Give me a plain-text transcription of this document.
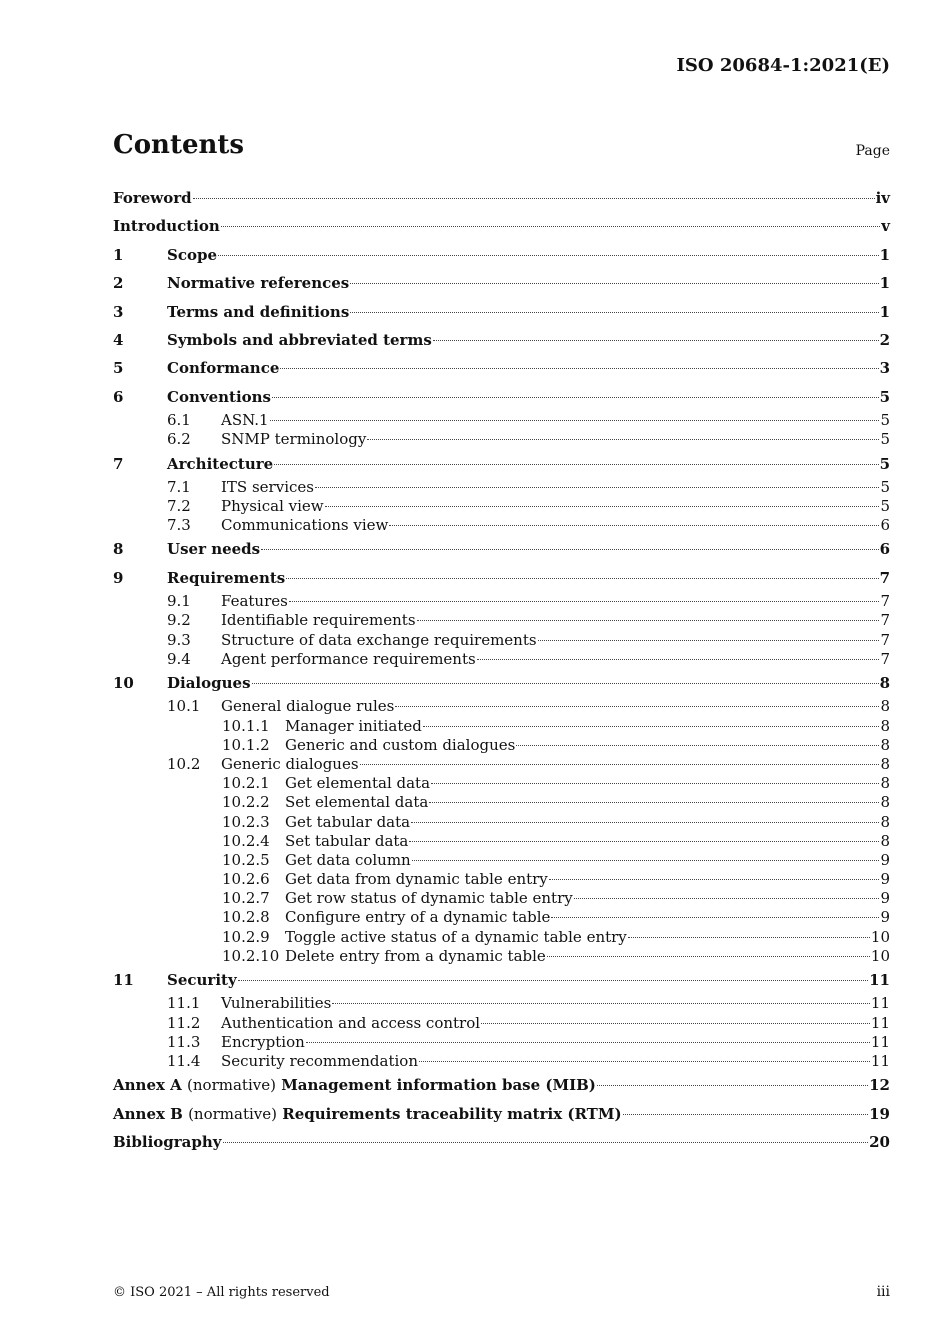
ISO 20684-1:2021(E)
Contents	Page
Foreword	iv
Introduction	v
1	Scope	1
2	Normative references	1
3	Terms and definitions	1
4	Symbols and abbreviated terms	2
5	Conformance	3
6	Conventions	5
6.1	ASN.1	5
6.2	SNMP terminology	5
7	Architecture	5
7.1	ITS services	5
7.2	Physical view	5
7.3	Communications view	6
8	User needs	6
9	Requirements	7
9.1	Features	7
9.2	Identifiable requirements	7
9.3	Structure of data exchange requirements	7
9.4	Agent performance requirements	7
10	Dialogues	8
10.1	General dialogue rules	8
10.1.1	Manager initiated	8
10.1.2	Generic and custom dialogues	8
10.2	Generic dialogues	8
10.2.1	Get elemental data	8
10.2.2	Set elemental data	8
10.2.3	Get tabular data	8
10.2.4	Set tabular data	8
10.2.5	Get data column	9
10.2.6	Get data from dynamic table entry	9
10.2.7	Get row status of dynamic table entry	9
10.2.8	Configure entry of a dynamic table	9
10.2.9	Toggle active status of a dynamic table entry	10
10.2.10 Delete entry from a dynamic table	10
11	Security	11
11.1	Vulnerabilities	11
11.2	Authentication and access control	11
11.3	Encryption	11
11.4	Security recommendation	11
Annex A (normative) Management information base (MIB)	12
Annex B (normative) Requirements traceability matrix (RTM)	19
Bibliography	20
© ISO 2021 – All rights reserved	iii
